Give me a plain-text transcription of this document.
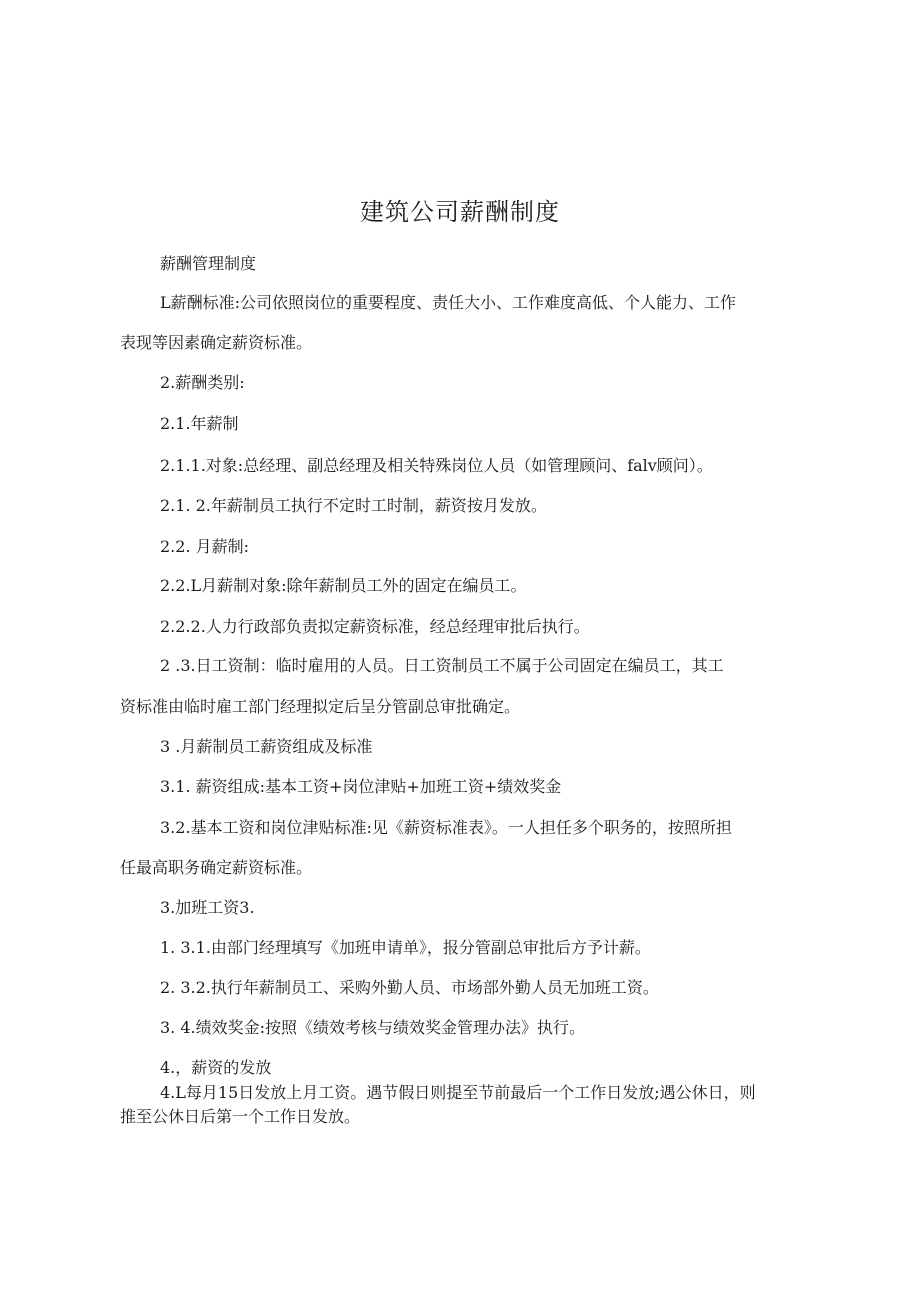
建筑公司薪酬制度

薪酬管理制度

L薪酬标准:公司依照岗位的重要程度、责任大小、工作难度高低、个人能力、工作

表现等因素确定薪资标准。

2.薪酬类别:

2.1.年薪制

2.1.1.对象:总经理、副总经理及相关特殊岗位人员（如管理顾问、falv顾问）。

2.1. 2.年薪制员工执行不定时工时制，薪资按月发放。

2.2. 月薪制:

2.2.L月薪制对象:除年薪制员工外的固定在编员工。

2.2.2.人力行政部负责拟定薪资标准，经总经理审批后执行。

2 .3.日工资制：临时雇用的人员。日工资制员工不属于公司固定在编员工，其工

资标准由临时雇工部门经理拟定后呈分管副总审批确定。

3 .月薪制员工薪资组成及标准

3.1. 薪资组成:基本工资+岗位津贴+加班工资+绩效奖金

3.2.基本工资和岗位津贴标准:见《薪资标准表》。一人担任多个职务的，按照所担

任最高职务确定薪资标准。

3.加班工资3.

1. 3.1.由部门经理填写《加班申请单》，报分管副总审批后方予计薪。

2. 3.2.执行年薪制员工、采购外勤人员、市场部外勤人员无加班工资。

3. 4.绩效奖金:按照《绩效考核与绩效奖金管理办法》执行。

4.，薪资的发放

4.L每月15日发放上月工资。遇节假日则提至节前最后一个工作日发放;遇公休日，则

推至公休日后第一个工作日发放。
